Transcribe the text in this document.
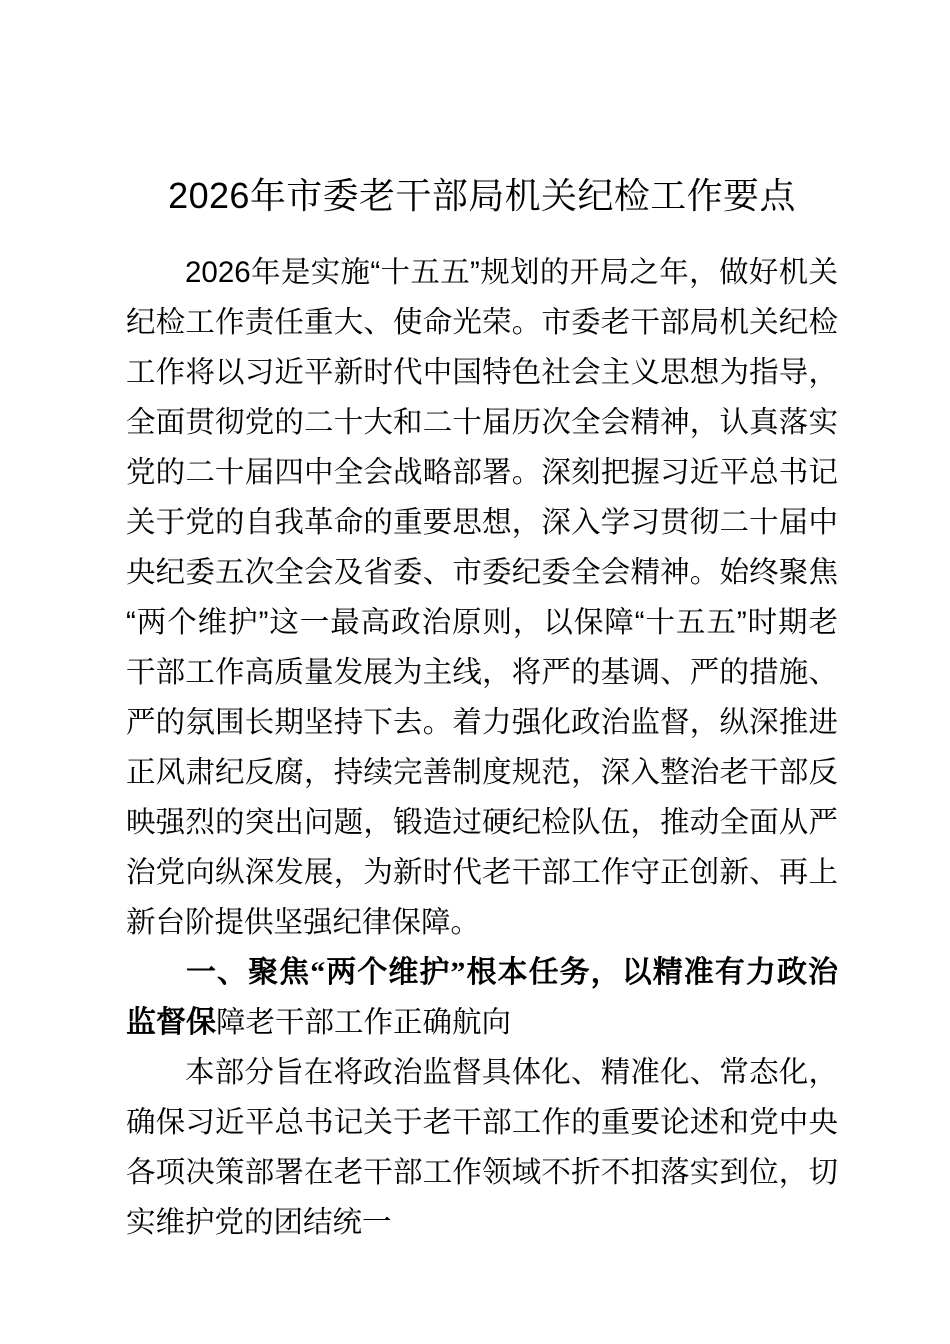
2026年市委老干部局机关纪检工作要点

2026年是实施“十五五”规划的开局之年，做好机关纪检工作责任重大、使命光荣。市委老干部局机关纪检工作将以习近平新时代中国特色社会主义思想为指导，全面贯彻党的二十大和二十届历次全会精神，认真落实党的二十届四中全会战略部署。深刻把握习近平总书记关于党的自我革命的重要思想，深入学习贯彻二十届中央纪委五次全会及省委、市委纪委全会精神。始终聚焦“两个维护”这一最高政治原则，以保障“十五五”时期老干部工作高质量发展为主线，将严的基调、严的措施、严的氛围长期坚持下去。着力强化政治监督，纵深推进正风肃纪反腐，持续完善制度规范，深入整治老干部反映强烈的突出问题，锻造过硬纪检队伍，推动全面从严治党向纵深发展，为新时代老干部工作守正创新、再上新台阶提供坚强纪律保障。

一、聚焦“两个维护”根本任务，以精准有力政治监督保障老干部工作正确航向

本部分旨在将政治监督具体化、精准化、常态化，确保习近平总书记关于老干部工作的重要论述和党中央各项决策部署在老干部工作领域不折不扣落实到位，切实维护党的团结统一
